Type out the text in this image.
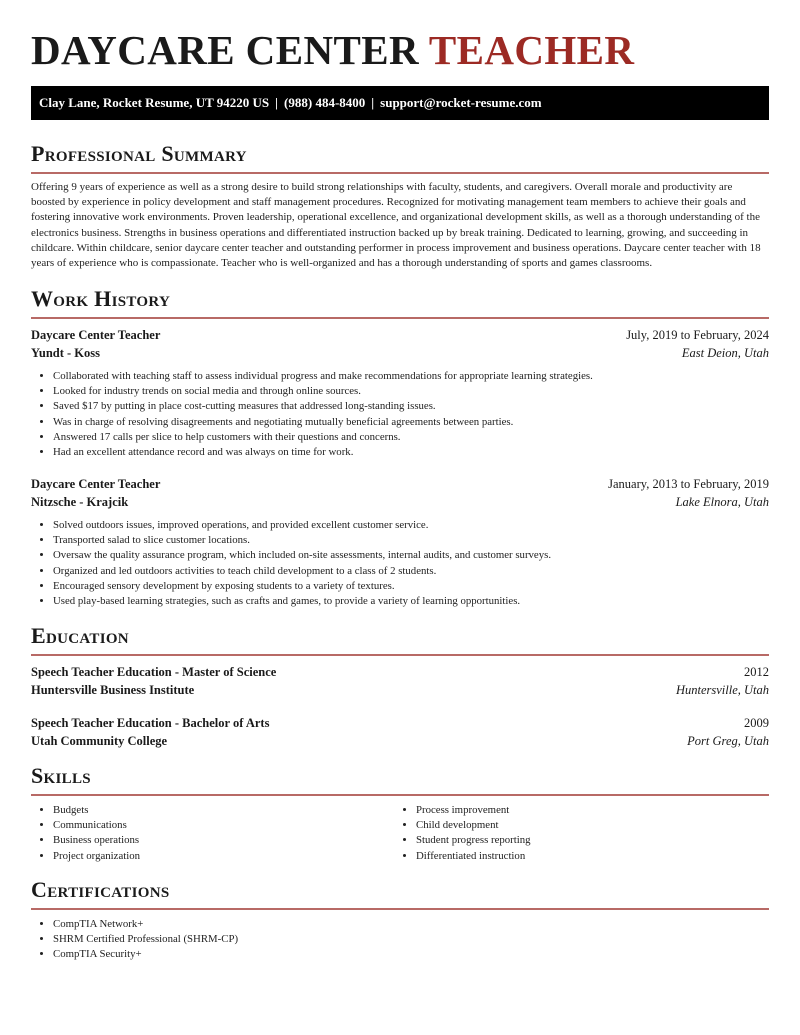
DAYCARE CENTER TEACHER
Clay Lane, Rocket Resume, UT 94220 US | (988) 484-8400 | support@rocket-resume.com
Professional Summary
Offering 9 years of experience as well as a strong desire to build strong relationships with faculty, students, and caregivers. Overall morale and productivity are boosted by experience in policy development and staff management procedures. Recognized for motivating management team members to achieve their goals and fostering innovative work environments. Proven leadership, operational excellence, and organizational development skills, as well as a thorough understanding of the electronics business. Strengths in business operations and differentiated instruction backed up by break training. Dedicated to learning, growing, and succeeding in childcare. Within childcare, senior daycare center teacher and outstanding performer in process improvement and business operations. Daycare center teacher with 18 years of experience who is compassionate. Teacher who is well-organized and has a thorough understanding of sports and games classrooms.
Work History
Daycare Center Teacher	July, 2019 to February, 2024
Yundt - Koss	East Deion, Utah
• Collaborated with teaching staff to assess individual progress and make recommendations for appropriate learning strategies.
• Looked for industry trends on social media and through online sources.
• Saved $17 by putting in place cost-cutting measures that addressed long-standing issues.
• Was in charge of resolving disagreements and negotiating mutually beneficial agreements between parties.
• Answered 17 calls per slice to help customers with their questions and concerns.
• Had an excellent attendance record and was always on time for work.
Daycare Center Teacher	January, 2013 to February, 2019
Nitzsche - Krajcik	Lake Elnora, Utah
• Solved outdoors issues, improved operations, and provided excellent customer service.
• Transported salad to slice customer locations.
• Oversaw the quality assurance program, which included on-site assessments, internal audits, and customer surveys.
• Organized and led outdoors activities to teach child development to a class of 2 students.
• Encouraged sensory development by exposing students to a variety of textures.
• Used play-based learning strategies, such as crafts and games, to provide a variety of learning opportunities.
Education
Speech Teacher Education - Master of Science	2012
Huntersville Business Institute	Huntersville, Utah
Speech Teacher Education - Bachelor of Arts	2009
Utah Community College	Port Greg, Utah
Skills
• Budgets
• Communications
• Business operations
• Project organization
• Process improvement
• Child development
• Student progress reporting
• Differentiated instruction
Certifications
• CompTIA Network+
• SHRM Certified Professional (SHRM-CP)
• CompTIA Security+
